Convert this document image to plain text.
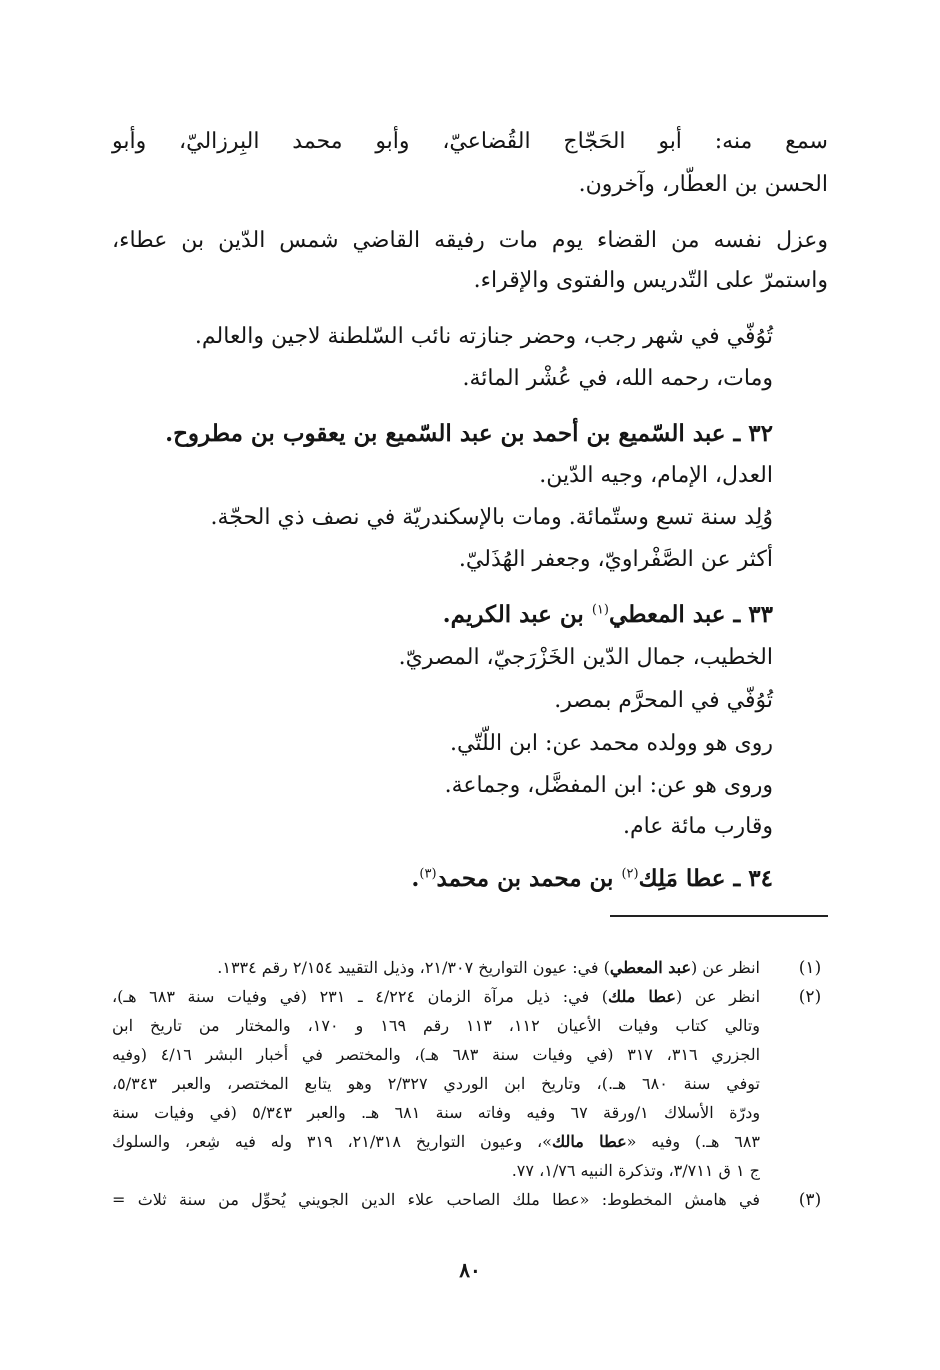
سمع منه: أبو الحَجّاج القُضاعيّ، وأبو محمد البِرزاليّ، وأبو
الحسن بن العطّار، وآخرون.
وعزل نفسه من القضاء يوم مات رفيقه القاضي شمس الدّين بن عطاء،
واستمرّ على التّدريس والفتوى والإقراء.
تُوُفّي في شهر رجب، وحضر جنازته نائب السّلطنة لاجين والعالم.
ومات، رحمه الله، في عُشْر المائة.
٣٢ ـ عبد السّميع بن أحمد بن عبد السّميع بن يعقوب بن مطروح.
العدل، الإمام، وجيه الدّين.
وُلِد سنة تسع وستّمائة. ومات بالإسكندريّة في نصف ذي الحجّة.
أكثر عن الصَّفْراويّ، وجعفر الهُذَليّ.
٣٣ ـ عبد المعطي$^{(١)}$ بن عبد الكريم.
الخطيب، جمال الدّين الخَزْرَجيّ، المصريّ.
تُوُفّي في المحرَّم بمصر.
روى هو وولده محمد عن: ابن اللّتّي.
وروى هو عن: ابن المفضَّل، وجماعة.
وقارب مائة عام.
٣٤ ـ عطا مَلِك$^{(٢)}$ بن محمد بن محمد$^{(٣)}$.
(١)
انظر عن (عبد المعطي) في: عيون التواريخ ٢١/٣٠٧، وذيل التقييد ٢/١٥٤ رقم ١٣٣٤.
(٢)
انظر عن (عطا ملك) في: ذيل مرآة الزمان ٤/٢٢٤ ـ ٢٣١ (في وفيات سنة ٦٨٣ هـ)،
وتالي كتاب وفيات الأعيان ١١٢، ١١٣ رقم ١٦٩ و ١٧٠، والمختار من تاريخ ابن
الجزري ٣١٦، ٣١٧ (في وفيات سنة ٦٨٣ هـ)، والمختصر في أخبار البشر ٤/١٦ (وفيه
توفي سنة ٦٨٠ هـ.)، وتاريخ ابن الوردي ٢/٣٢٧ وهو يتابع المختصر، والعبر ٥/٣٤٣،
ودرّة الأسلاك ١/ورقة ٦٧ وفيه وفاته سنة ٦٨١ هـ. والعبر ٥/٣٤٣ (في وفيات سنة
٦٨٣ هـ.) وفيه «عطا مالك»، وعيون التواريخ ٢١/٣١٨، ٣١٩ وله فيه شِعر، والسلوك
ج ١ ق ٣/٧١١، وتذكرة النبيه ١/٧٦، ٧٧.
(٣)
في هامش المخطوط: «عطا ملك الصاحب علاء الدين الجويني يُحوِّل من سنة ثلاث =
٨٠
